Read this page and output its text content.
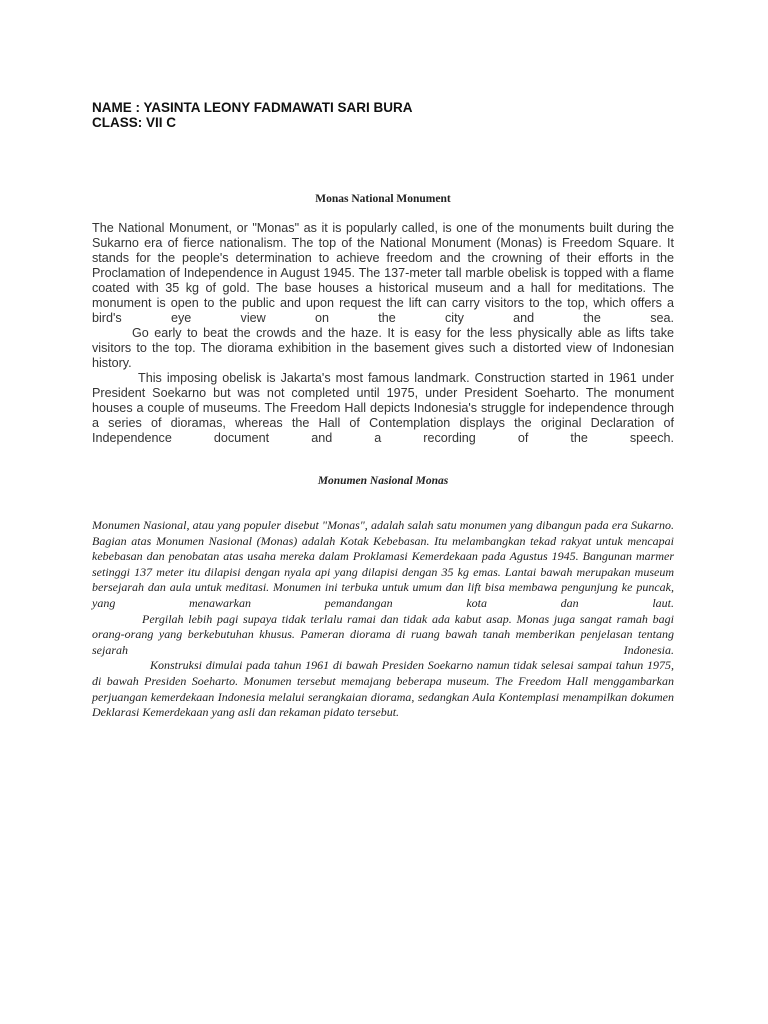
NAME : YASINTA LEONY FADMAWATI SARI BURA
CLASS: VII C
Monas National Monument

The National Monument, or "Monas" as it is popularly called, is one of the monuments built during the Sukarno era of fierce nationalism. The top of the National Monument (Monas) is Freedom Square. It stands for the people's determination to achieve freedom and the crowning of their efforts in the Proclamation of Independence in August 1945. The 137-meter tall marble obelisk is topped with a flame coated with 35 kg of gold. The base houses a historical museum and a hall for meditations. The monument is open to the public and upon request the lift can carry visitors to the top, which offers a bird's eye view on the city and the sea.

Go early to beat the crowds and the haze. It is easy for the less physically able as lifts take visitors to the top. The diorama exhibition in the basement gives such a distorted view of Indonesian history.

This imposing obelisk is Jakarta's most famous landmark. Construction started in 1961 under President Soekarno but was not completed until 1975, under President Soeharto. The monument houses a couple of museums. The Freedom Hall depicts Indonesia's struggle for independence through a series of dioramas, whereas the Hall of Contemplation displays the original Declaration of Independence document and a recording of the speech.

Monumen Nasional Monas

Monumen Nasional, atau yang populer disebut "Monas", adalah salah satu monumen yang dibangun pada era Sukarno. Bagian atas Monumen Nasional (Monas) adalah Kotak Kebebasan. Itu melambangkan tekad rakyat untuk mencapai kebebasan dan penobatan atas usaha mereka dalam Proklamasi Kemerdekaan pada Agustus 1945. Bangunan marmer setinggi 137 meter itu dilapisi dengan nyala api yang dilapisi dengan 35 kg emas. Lantai bawah merupakan museum bersejarah dan aula untuk meditasi. Monumen ini terbuka untuk umum dan lift bisa membawa pengunjung ke puncak, yang menawarkan pemandangan kota dan laut.

Pergilah lebih pagi supaya tidak terlalu ramai dan tidak ada kabut asap. Monas juga sangat ramah bagi orang-orang yang berkebutuhan khusus. Pameran diorama di ruang bawah tanah memberikan penjelasan tentang sejarah Indonesia.

Konstruksi dimulai pada tahun 1961 di bawah Presiden Soekarno namun tidak selesai sampai tahun 1975, di bawah Presiden Soeharto. Monumen tersebut memajang beberapa museum. The Freedom Hall menggambarkan perjuangan kemerdekaan Indonesia melalui serangkaian diorama, sedangkan Aula Kontemplasi menampilkan dokumen Deklarasi Kemerdekaan yang asli dan rekaman pidato tersebut.
